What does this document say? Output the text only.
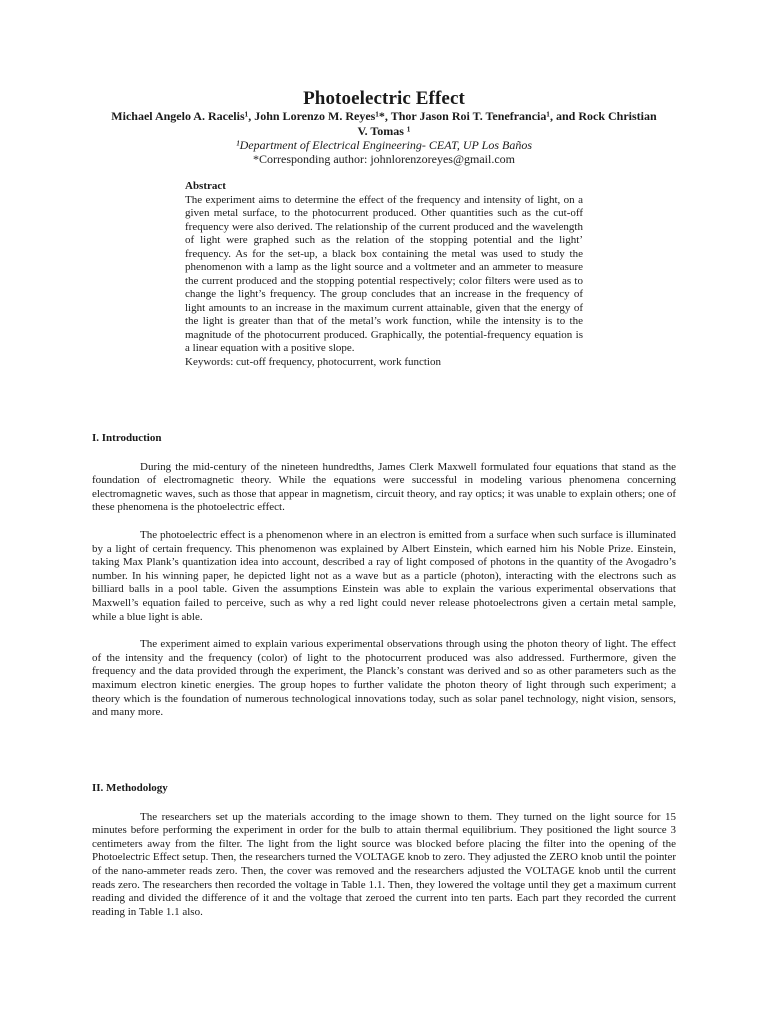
Photoelectric Effect
Michael Angelo A. Racelis¹, John Lorenzo M. Reyes¹*, Thor Jason Roi T. Tenefrancia¹, and Rock Christian V. Tomas ¹
¹Department of Electrical Engineering- CEAT, UP Los Baños
*Corresponding author: johnlorenzoreyes@gmail.com
Abstract
The experiment aims to determine the effect of the frequency and intensity of light, on a given metal surface, to the photocurrent produced. Other quantities such as the cut-off frequency were also derived. The relationship of the current produced and the wavelength of light were graphed such as the relation of the stopping potential and the light’ frequency. As for the set-up, a black box containing the metal was used to study the phenomenon with a lamp as the light source and a voltmeter and an ammeter to measure the current produced and the stopping potential respectively; color filters were used as to change the light’s frequency. The group concludes that an increase in the frequency of light amounts to an increase in the maximum current attainable, given that the energy of the light is greater than that of the metal’s work function, while the intensity is to the magnitude of the photocurrent produced. Graphically, the potential-frequency equation is a linear equation with a positive slope.
Keywords: cut-off frequency, photocurrent, work function
I. Introduction

During the mid-century of the nineteen hundredths, James Clerk Maxwell formulated four equations that stand as the foundation of electromagnetic theory. While the equations were successful in modeling various phenomena concerning electromagnetic waves, such as those that appear in magnetism, circuit theory, and ray optics; it was unable to explain others; one of these phenomena is the photoelectric effect.

The photoelectric effect is a phenomenon where in an electron is emitted from a surface when such surface is illuminated by a light of certain frequency. This phenomenon was explained by Albert Einstein, which earned him his Noble Prize. Einstein, taking Max Plank’s quantization idea into account, described a ray of light composed of photons in the quantity of the Avogadro’s number. In his winning paper, he depicted light not as a wave but as a particle (photon), interacting with the electrons such as billiard balls in a pool table. Given the assumptions Einstein was able to explain the various experimental observations that Maxwell’s equation failed to perceive, such as why a red light could never release photoelectrons given a certain metal sample, while a blue light is able.

The experiment aimed to explain various experimental observations through using the photon theory of light. The effect of the intensity and the frequency (color) of light to the photocurrent produced was also addressed. Furthermore, given the frequency and the data provided through the experiment, the Planck’s constant was derived and so as other parameters such as the maximum electron kinetic energies. The group hopes to further validate the photon theory of light through such experiment; a theory which is the foundation of numerous technological innovations today, such as solar panel technology, night vision, sensors, and many more.

II. Methodology

The researchers set up the materials according to the image shown to them. They turned on the light source for 15 minutes before performing the experiment in order for the bulb to attain thermal equilibrium. They positioned the light source 3 centimeters away from the filter. The light from the light source was blocked before placing the filter into the opening of the Photoelectric Effect setup. Then, the researchers turned the VOLTAGE knob to zero. They adjusted the ZERO knob until the pointer of the nano-ammeter reads zero. Then, the cover was removed and the researchers adjusted the VOLTAGE knob until the current reads zero. The researchers then recorded the voltage in Table 1.1. Then, they lowered the voltage until they get a maximum current reading and divided the difference of it and the voltage that zeroed the current into ten parts. Each part they recorded the current reading in Table 1.1 also.
